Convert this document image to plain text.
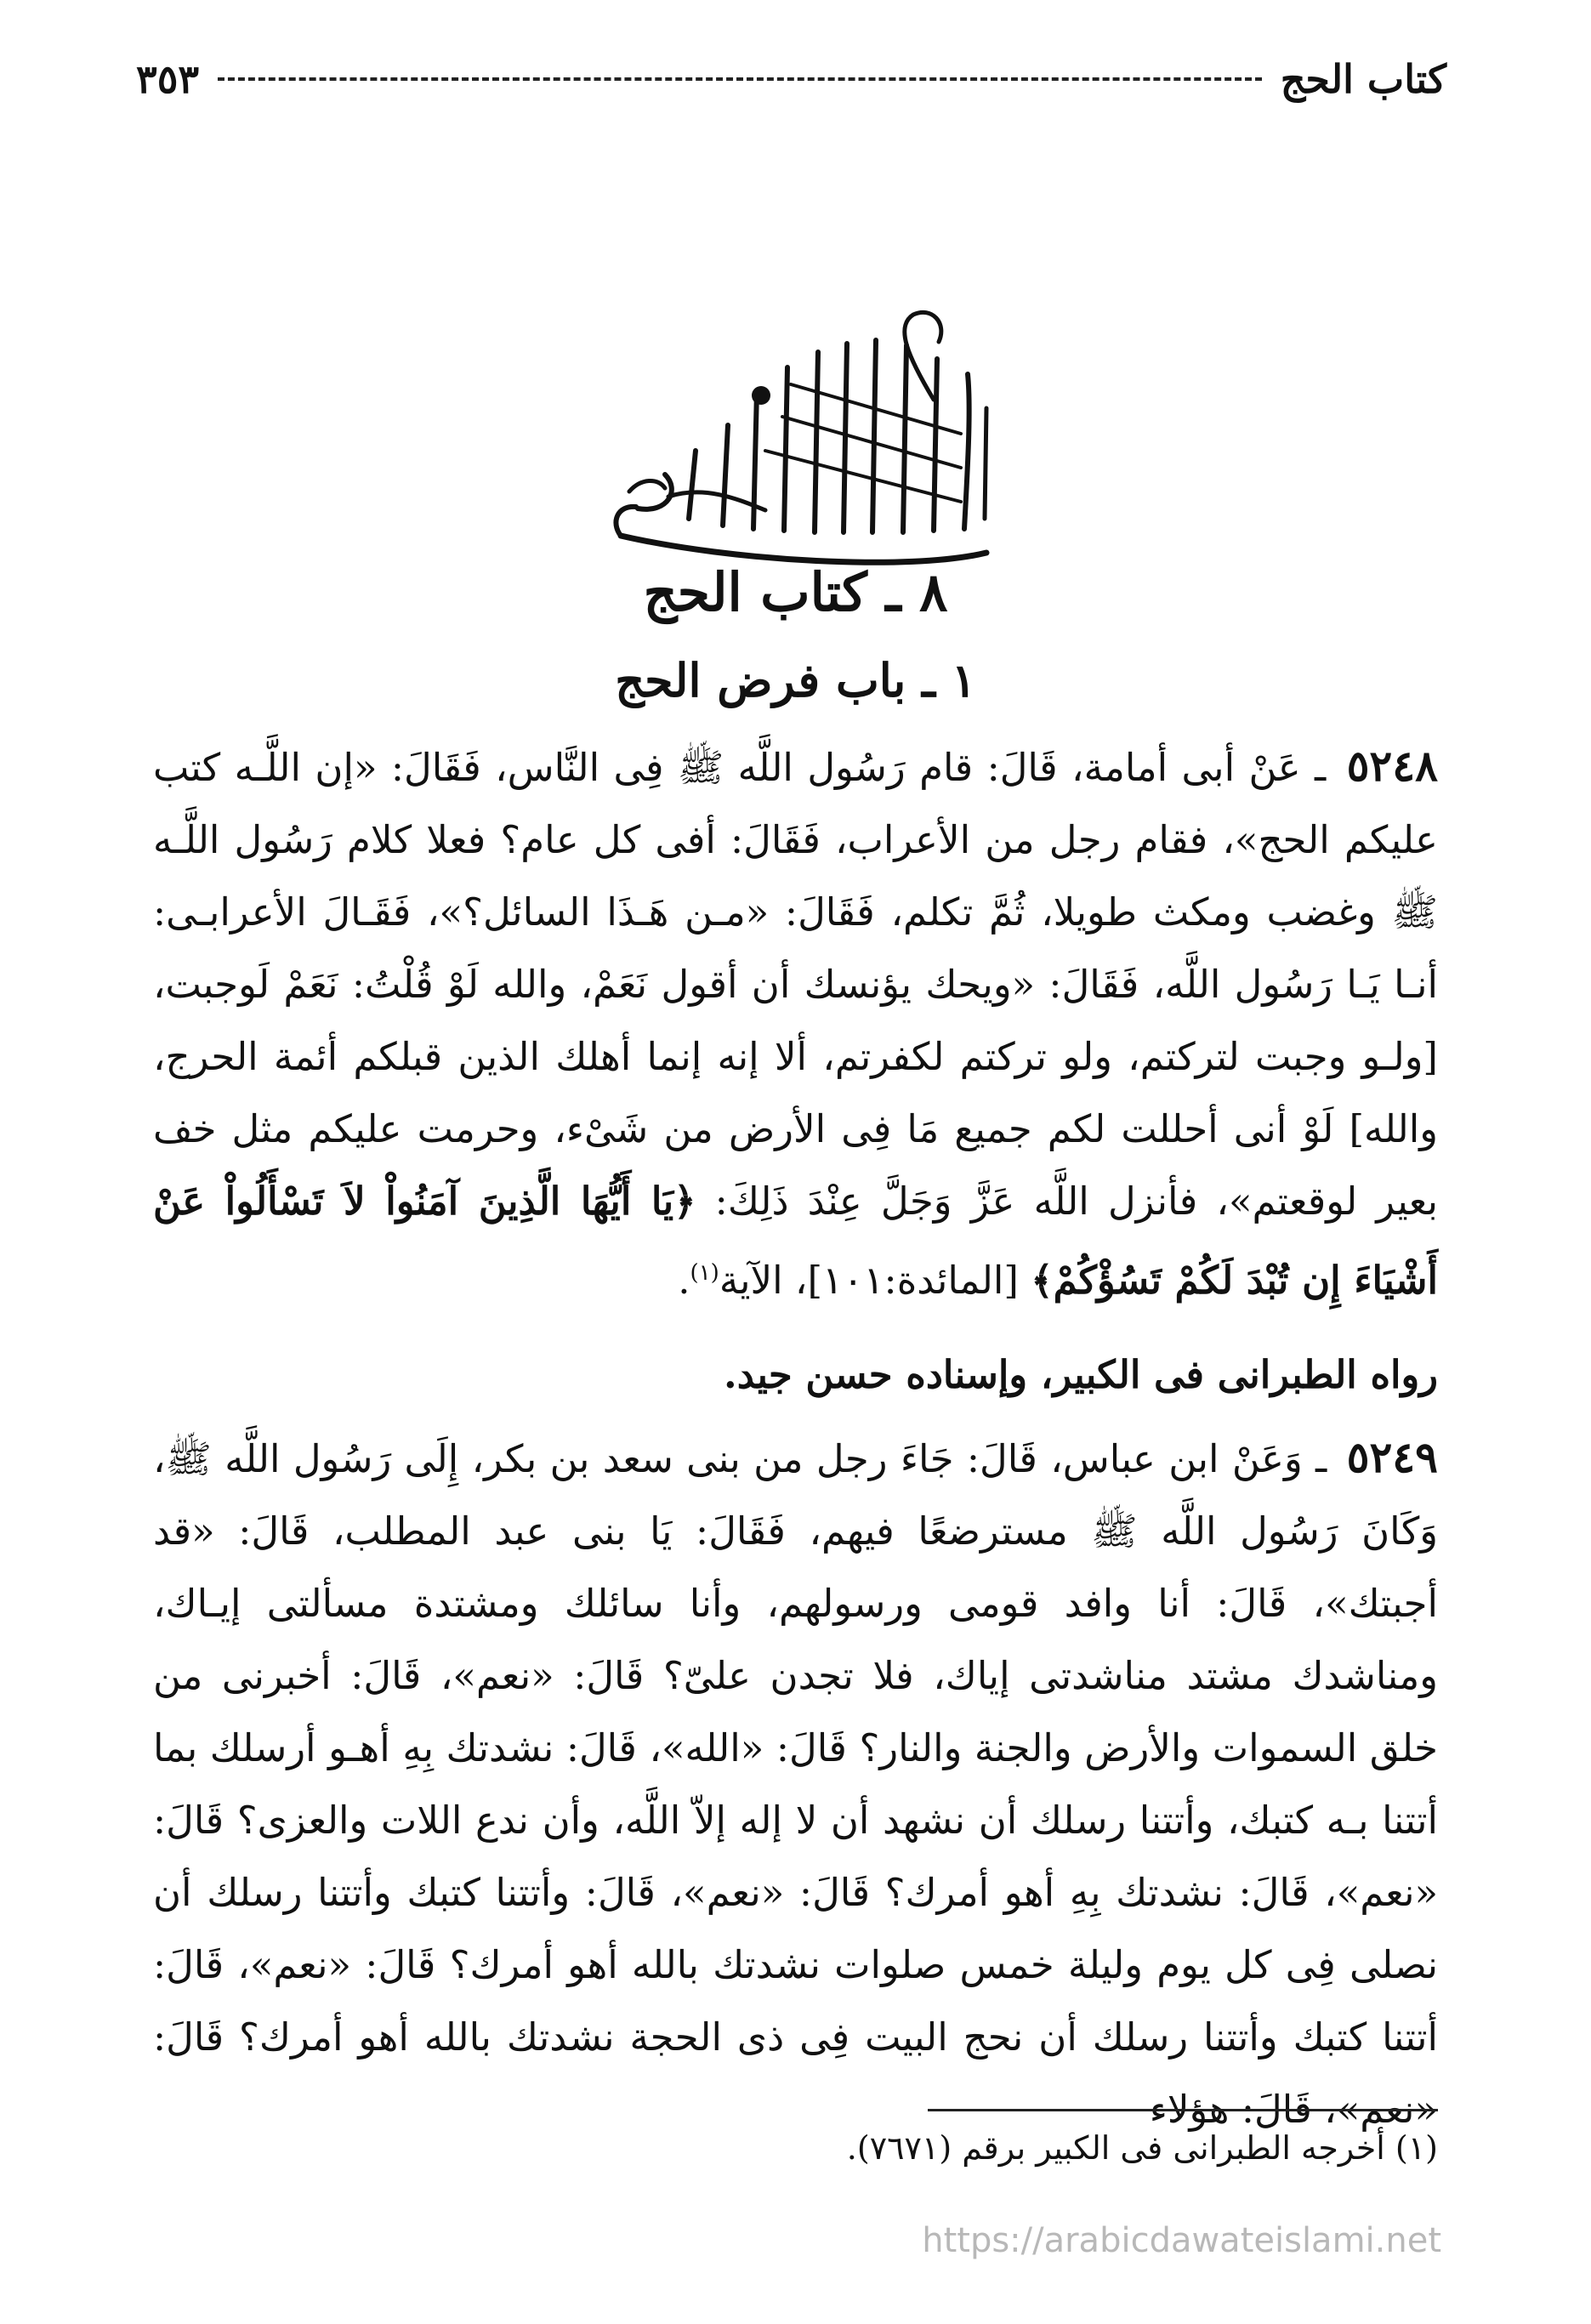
كتاب الحج
٣٥٣
٨ ـ كتاب الحج
١ ـ باب فرض الحج

٥٢٤٨ ـ عَنْ أبى أمامة، قَالَ: قام رَسُول اللَّه ﷺ فِى النَّاس، فَقَالَ: «إن اللَّـه كتب عليكم الحج»، فقام رجل من الأعراب، فَقَالَ: أفى كل عام؟ فعلا كلام رَسُول اللَّـه ﷺ وغضب ومكث طويلا، ثُمَّ تكلم، فَقَالَ: «مـن هَـذَا السائل؟»، فَقَـالَ الأعرابـى: أنـا يَـا رَسُول اللَّه، فَقَالَ: «ويحك يؤنسك أن أقول نَعَمْ، والله لَوْ قُلْتُ: نَعَمْ لَوجبت، [ولـو وجبت لتركتم، ولو تركتم لكفرتم، ألا إنه إنما أهلك الذين قبلكم أئمة الحرج، والله] لَوْ أنى أحللت لكم جميع مَا فِى الأرض من شَىْء، وحرمت عليكم مثل خف بعير لوقعتم»، فأنزل اللَّه عَزَّ وَجَلَّ عِنْدَ ذَلِكَ: ﴿يَا أَيُّهَا الَّذِينَ آمَنُواْ لاَ تَسْأَلُواْ عَنْ أَشْيَاءَ إِن تُبْدَ لَكُمْ تَسُؤْكُمْ﴾ [المائدة:١٠١]، الآية$^{(١)}$.

رواه الطبرانى فى الكبير، وإسناده حسن جيد.

٥٢٤٩ ـ وَعَنْ ابن عباس، قَالَ: جَاءَ رجل من بنى سعد بن بكر، إِلَى رَسُول اللَّه ﷺ، وَكَانَ رَسُول اللَّه ﷺ مسترضعًا فيهم، فَقَالَ: يَا بنى عبد المطلب، قَالَ: «قد أجبتك»، قَالَ: أنا وافد قومى ورسولهم، وأنا سائلك ومشتدة مسألتى إيـاك، ومناشدك مشتد مناشدتى إياك، فلا تجدن علىّ؟ قَالَ: «نعم»، قَالَ: أخبرنى من خلق السموات والأرض والجنة والنار؟ قَالَ: «الله»، قَالَ: نشدتك بِهِ أهـو أرسلك بما أتتنا بـه كتبك، وأتتنا رسلك أن نشهد أن لا إله إلاّ اللَّه، وأن ندع اللات والعزى؟ قَالَ: «نعم»، قَالَ: نشدتك بِهِ أهو أمرك؟ قَالَ: «نعم»، قَالَ: وأتتنا كتبك وأتتنا رسلك أن نصلى فِى كل يوم وليلة خمس صلوات نشدتك بالله أهو أمرك؟ قَالَ: «نعم»، قَالَ: أتتنا كتبك وأتتنا رسلك أن نحج البيت فِى ذى الحجة نشدتك بالله أهو أمرك؟ قَالَ: «نعم»، قَالَ: هؤلاء

(١) أخرجه الطبرانى فى الكبير برقم (٧٦٧١).
https://arabicdawateislami.net
